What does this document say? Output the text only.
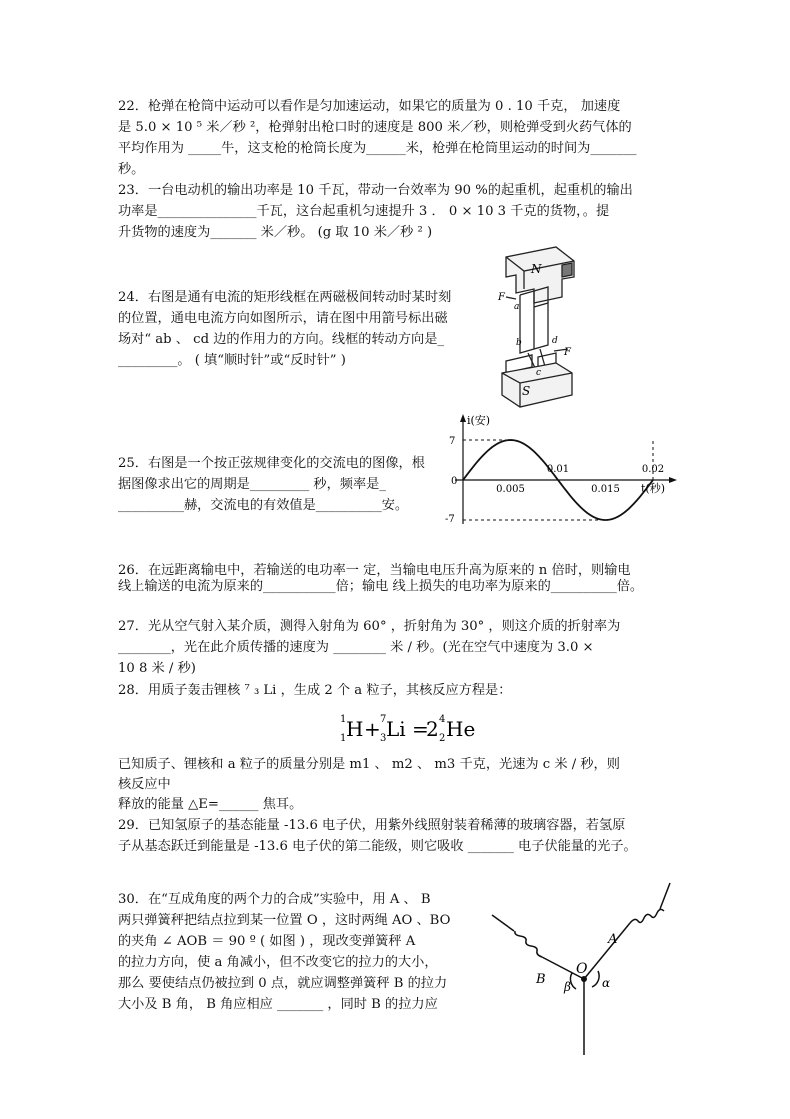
22．枪弹在枪筒中运动可以看作是匀加速运动，如果它的质量为 0 . 10 千克， 加速度
是 5.0 × 10 ⁵ 米／秒 ²，枪弹射出枪口时的速度是 800 米／秒，则枪弹受到火药气体的
平均作用为 _____牛，这支枪的枪筒长度为______米，枪弹在枪筒里运动的时间为_______
秒。
23．一台电动机的输出功率是 10 千瓦，带动一台效率为 90 %的起重机，起重机的输出
功率是_______________千瓦，这台起重机匀速提升 3 ． 0 × 10 3 千克的货物，。提
升货物的速度为_______ 米／秒。 (g 取 10 米／秒 ² )
24．右图是通有电流的矩形线框在两磁极间转动时某时刻
的位置，通电电流方向如图所示，请在图中用箭号标出磁
场对“ ab 、 cd 边的作用力的方向。线框的转动方向是_
_________。 ( 填“顺时针”或“反时针” )
N
S
F
a
b
c
d
F
25．右图是一个按正弦规律变化的交流电的图像，根
据图像求出它的周期是_________ 秒，频率是_
__________赫，交流电的有效值是__________安。
i(安)
t(秒)
7
0
-7
0.005
0.01
0.015
0.02
26．在远距离输电中，若输送的电功率一 定，当输电电压升高为原来的 n 倍时，则输电
线上输送的电流为原来的___________倍；输电 线上损失的电功率为原来的__________倍。
27．光从空气射入某介质，测得入射角为 60° ，折射角为 30° ，则这介质的折射率为
________，光在此介质传播的速度为 ________ 米 / 秒。(光在空气中速度为 3.0 ×
10 8 米 / 秒)
28．用质子轰击锂核 ⁷ ₃ Li ，生成 2 个 a 粒子，其核反应方程是：
H + Li =
2 He
1
1
7
3
4
2
已知质子、锂核和 a 粒子的质量分别是 m1 、 m2 、 m3 千克，光速为 c 米 / 秒，则
核反应中
释放的能量 △E=______ 焦耳。
29．已知氢原子的基态能量 -13.6 电子伏，用紫外线照射装着稀薄的玻璃容器，若氢原
子从基态跃迁到能量是 -13.6 电子伏的第二能级，则它吸收 _______ 电子伏能量的光子。
30．在“互成角度的两个力的合成”实验中，用 A 、 B
两只弹簧秤把结点拉到某一位置 O ，这时两绳 AO 、BO
的夹角 ∠ AOB ＝ 90 º ( 如图 ) ，现改变弹簧秤 A
的拉力方向，使 a 角减小，但不改变它的拉力的大小，
那么 要使结点仍被拉到 0 点，就应调整弹簧秤 B 的拉力
大小及 B 角， B 角应相应 _______ ，同时 B 的拉力应
A
B
O
α
β
